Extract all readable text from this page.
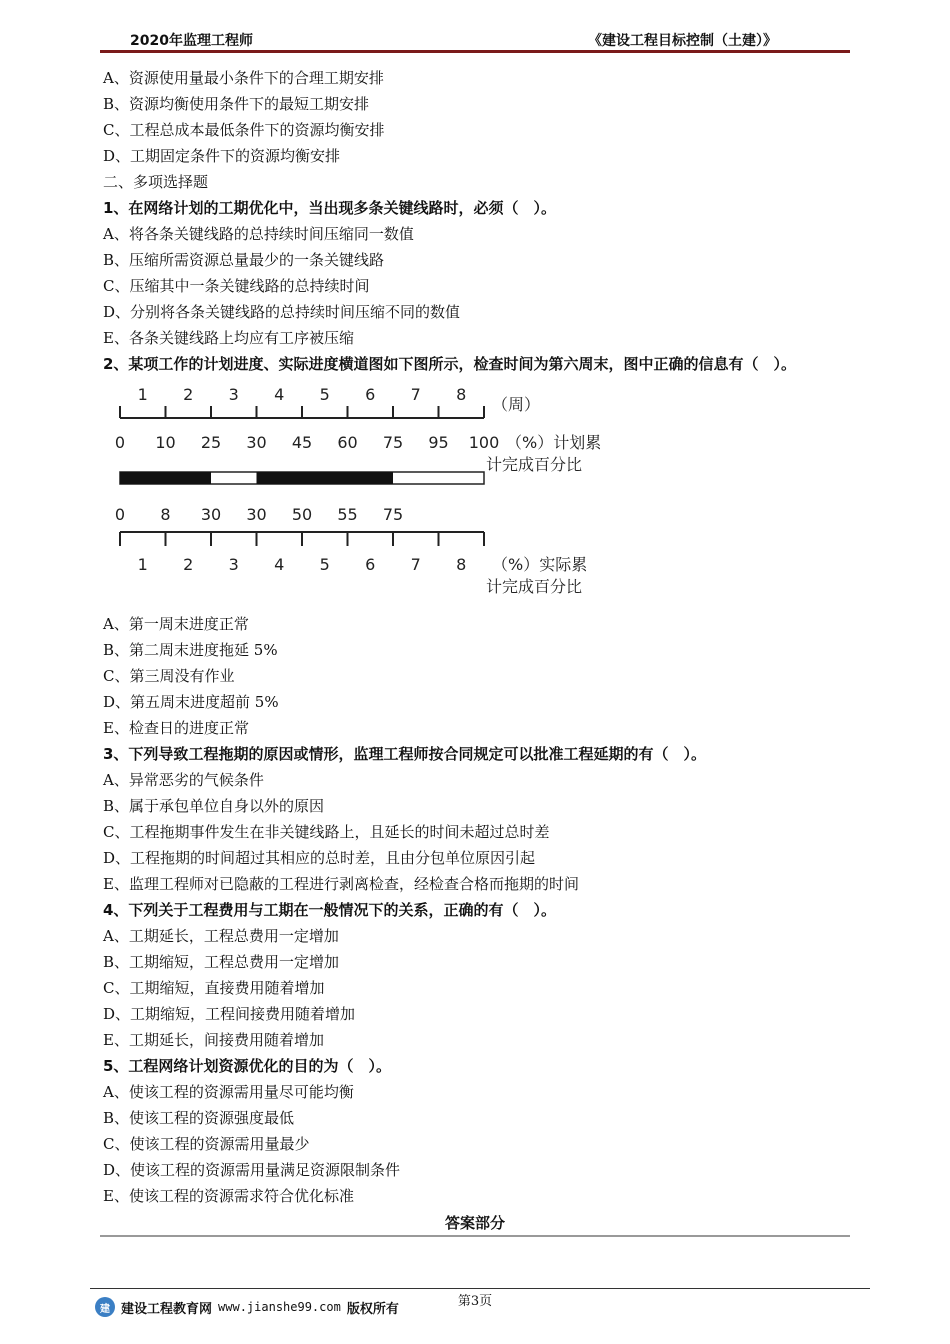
2020年监理工程师	《建设工程目标控制（土建）》
A、资源使用量最小条件下的合理工期安排
B、资源均衡使用条件下的最短工期安排
C、工程总成本最低条件下的资源均衡安排
D、工期固定条件下的资源均衡安排
二、多项选择题
1、在网络计划的工期优化中，当出现多条关键线路时，必须（　）。
A、将各条关键线路的总持续时间压缩同一数值
B、压缩所需资源总量最少的一条关键线路
C、压缩其中一条关键线路的总持续时间
D、分别将各条关键线路的总持续时间压缩不同的数值
E、各条关键线路上均应有工序被压缩
2、某项工作的计划进度、实际进度横道图如下图所示，检查时间为第六周末，图中正确的信息有（　）。
1 2 3 4 5 6 7 8
（周）
0 10 25 30 45 60 75 95 100 （%）计划累
计完成百分比
0 8 30 30 50 55 75
1 2 3 4 5 6 7 8 （%）实际累
计完成百分比
A、第一周末进度正常
B、第二周末进度拖延 5%
C、第三周没有作业
D、第五周末进度超前 5%
E、检查日的进度正常
3、下列导致工程拖期的原因或情形，监理工程师按合同规定可以批准工程延期的有（　）。
A、异常恶劣的气候条件
B、属于承包单位自身以外的原因
C、工程拖期事件发生在非关键线路上，且延长的时间未超过总时差
D、工程拖期的时间超过其相应的总时差，且由分包单位原因引起
E、监理工程师对已隐蔽的工程进行剥离检查，经检查合格而拖期的时间
4、下列关于工程费用与工期在一般情况下的关系，正确的有（　）。
A、工期延长，工程总费用一定增加
B、工期缩短，工程总费用一定增加
C、工期缩短，直接费用随着增加
D、工期缩短，工程间接费用随着增加
E、工期延长，间接费用随着增加
5、工程网络计划资源优化的目的为（　）。
A、使该工程的资源需用量尽可能均衡
B、使该工程的资源强度最低
C、使该工程的资源需用量最少
D、使该工程的资源需用量满足资源限制条件
E、使该工程的资源需求符合优化标准
答案部分
第3页
建 建设工程教育网 www.jianshe99.com 版权所有
